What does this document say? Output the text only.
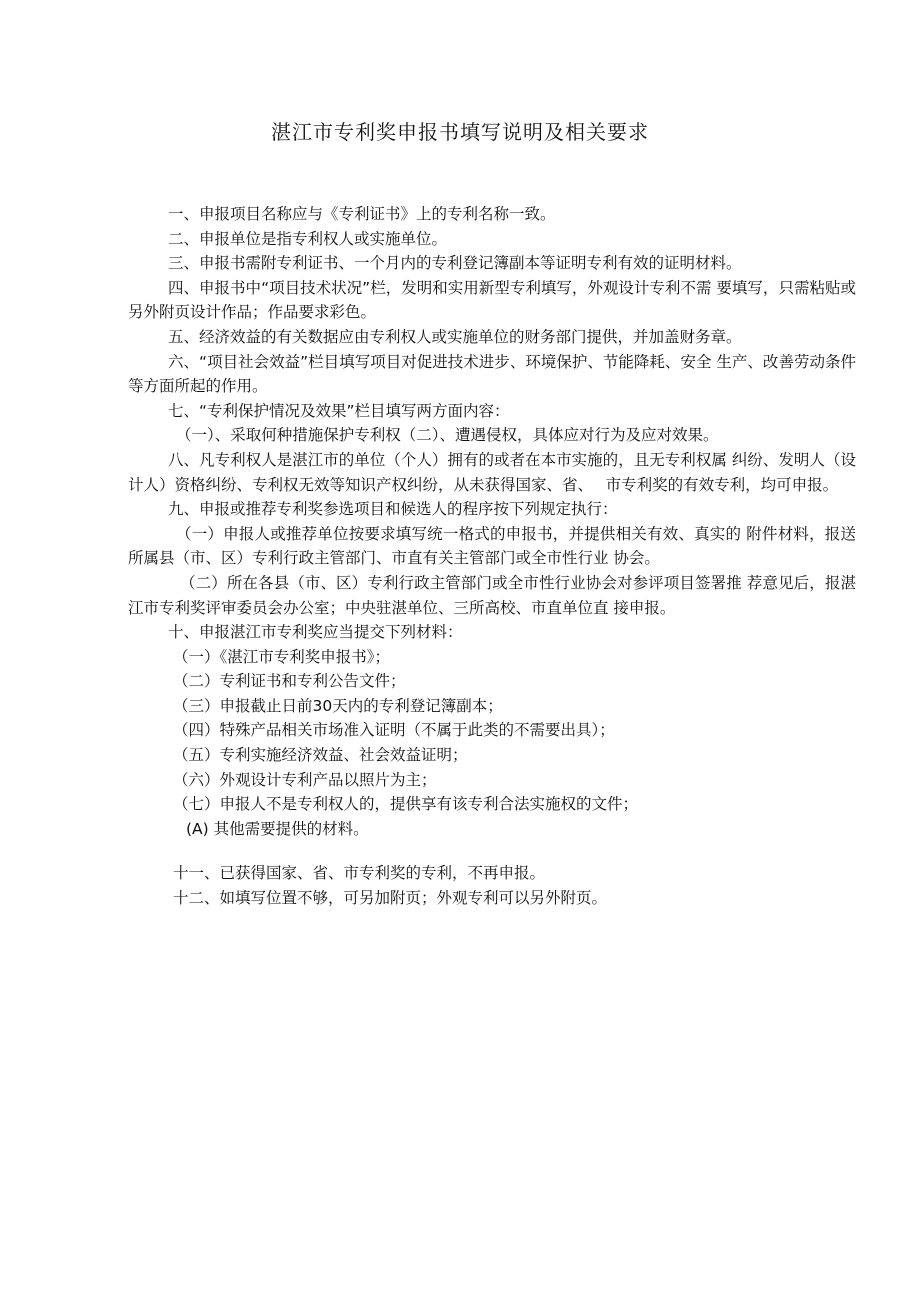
湛江市专利奖申报书填写说明及相关要求

一、申报项目名称应与《专利证书》上的专利名称一致。

二、申报单位是指专利权人或实施单位。

三、申报书需附专利证书、一个月内的专利登记簿副本等证明专利有效的证明材料。

四、申报书中“项目技术状况”栏，发明和实用新型专利填写，外观设计专利不需 要填写，只需粘贴或另外附页设计作品；作品要求彩色。

五、经济效益的有关数据应由专利权人或实施单位的财务部门提供，并加盖财务章。

六、“项目社会效益”栏目填写项目对促进技术进步、环境保护、节能降耗、安全 生产、改善劳动条件等方面所起的作用。

七、“专利保护情况及效果”栏目填写两方面内容：

（一）、采取何种措施保护专利权（二）、遭遇侵权，具体应对行为及应对效果。

八、凡专利权人是湛江市的单位（个人）拥有的或者在本市实施的，且无专利权属 纠纷、发明人（设计人）资格纠纷、专利权无效等知识产权纠纷，从未获得国家、省、　 市专利奖的有效专利，均可申报。

九、申报或推荐专利奖参选项目和候选人的程序按下列规定执行：

（一）申报人或推荐单位按要求填写统一格式的申报书，并提供相关有效、真实的 附件材料，报送所属县（市、区）专利行政主管部门、市直有关主管部门或全市性行业 协会。

（二）所在各县（市、区）专利行政主管部门或全市性行业协会对参评项目签署推 荐意见后，报湛江市专利奖评审委员会办公室；中央驻湛单位、三所高校、市直单位直 接申报。

十、申报湛江市专利奖应当提交下列材料：

（一）《湛江市专利奖申报书》；

（二）专利证书和专利公告文件；

（三）申报截止日前30天内的专利登记簿副本；

（四）特殊产品相关市场准入证明（不属于此类的不需要出具）；

（五）专利实施经济效益、社会效益证明；

（六）外观设计专利产品以照片为主；

（七）申报人不是专利权人的，提供享有该专利合法实施权的文件；

(A) 其他需要提供的材料。

十一、已获得国家、省、市专利奖的专利，不再申报。

十二、如填写位置不够，可另加附页；外观专利可以另外附页。
